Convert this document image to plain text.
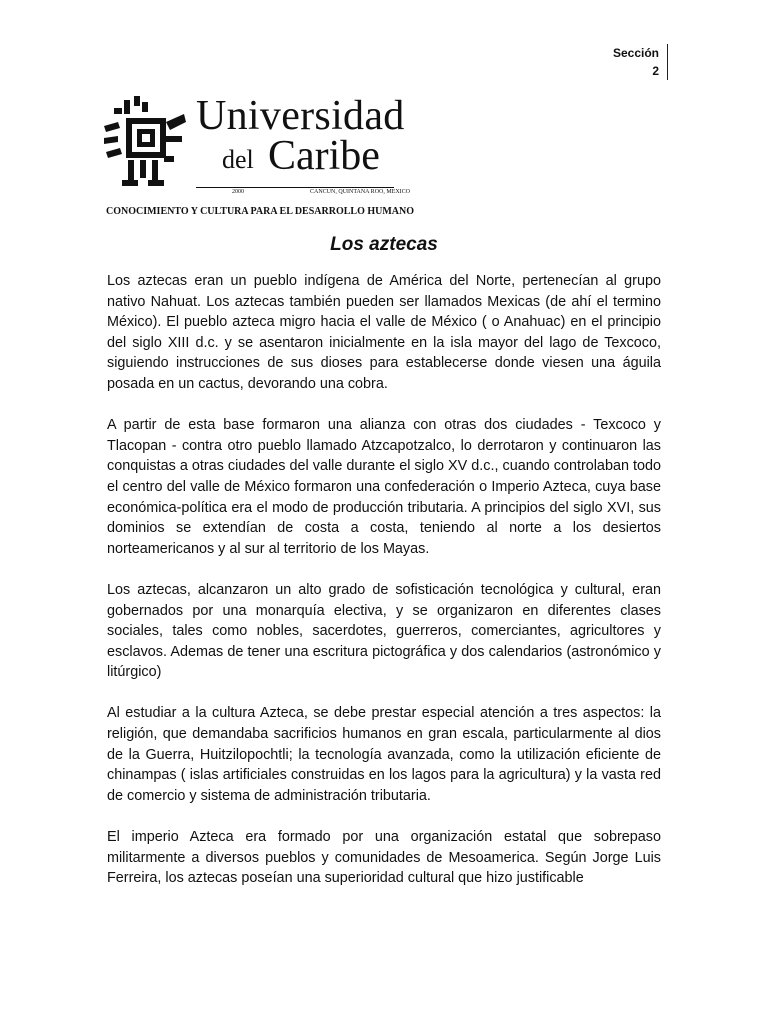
Sección
2
Universidad
del Caribe
2000	CANCUN, QUINTANA ROO, MEXICO
CONOCIMIENTO Y CULTURA PARA EL DESARROLLO HUMANO
Los aztecas

Los aztecas eran un pueblo indígena de América del Norte, pertenecían al grupo nativo Nahuat. Los aztecas también pueden ser llamados Mexicas (de ahí el termino México). El pueblo azteca migro hacia el valle de México ( o Anahuac) en el principio del siglo XIII d.c. y se asentaron inicialmente en la isla mayor del lago de Texcoco, siguiendo instrucciones de sus dioses para establecerse donde viesen una águila posada en un cactus, devorando una cobra.

A partir de esta base formaron una alianza con otras dos ciudades - Texcoco y Tlacopan - contra otro pueblo llamado Atzcapotzalco, lo derrotaron y continuaron las conquistas a otras ciudades del valle durante el siglo XV d.c., cuando controlaban todo el centro del valle de México formaron una confederación o Imperio Azteca, cuya base económica-política era el modo de producción tributaria. A principios del siglo XVI, sus dominios se extendían de costa a costa, teniendo al norte a los desiertos norteamericanos y al sur al territorio de los Mayas.

Los aztecas, alcanzaron un alto grado de sofisticación tecnológica y cultural, eran gobernados por una monarquía electiva, y se organizaron en diferentes clases sociales, tales como nobles, sacerdotes, guerreros, comerciantes, agricultores y esclavos. Ademas de tener una escritura pictográfica y dos calendarios (astronómico y litúrgico)

Al estudiar a la cultura Azteca, se debe prestar especial atención a tres aspectos: la religión, que demandaba sacrificios humanos en gran escala, particularmente al dios de la Guerra, Huitzilopochtli; la tecnología avanzada, como la utilización eficiente de chinampas ( islas artificiales construidas en los lagos para la agricultura) y la vasta red de comercio y sistema de administración tributaria.

El imperio Azteca era formado por una organización estatal que sobrepaso militarmente a diversos pueblos y comunidades de Mesoamerica. Según Jorge Luis Ferreira, los aztecas poseían una superioridad cultural que hizo justificable
